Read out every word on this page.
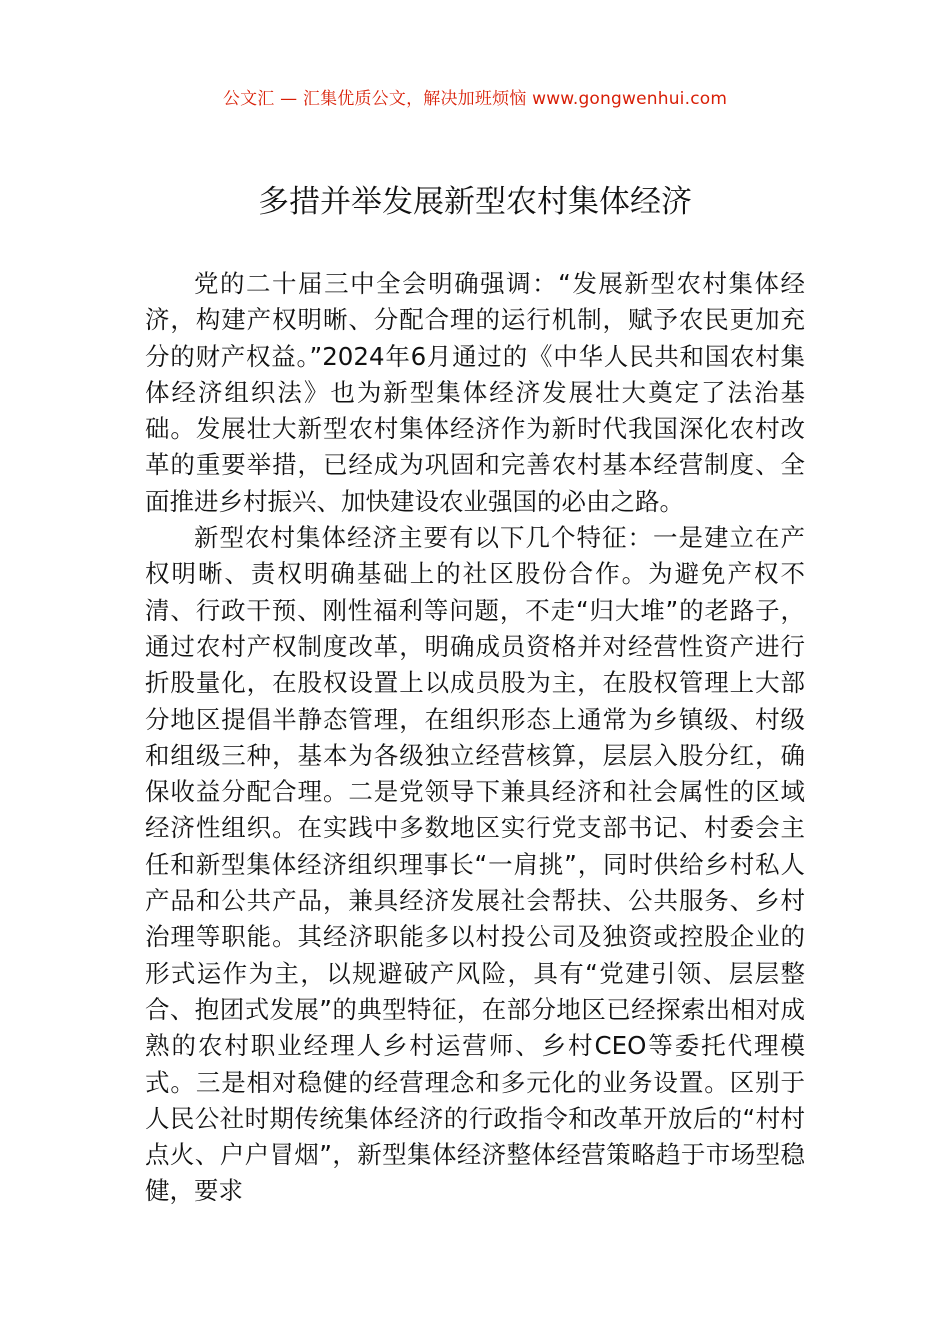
公文汇 — 汇集优质公文，解决加班烦恼 www.gongwenhui.com
多措并举发展新型农村集体经济

党的二十届三中全会明确强调：“发展新型农村集体经济，构建产权明晰、分配合理的运行机制，赋予农民更加充分的财产权益。”2024年6月通过的《中华人民共和国农村集体经济组织法》也为新型集体经济发展壮大奠定了法治基础。发展壮大新型农村集体经济作为新时代我国深化农村改革的重要举措，已经成为巩固和完善农村基本经营制度、全面推进乡村振兴、加快建设农业强国的必由之路。

新型农村集体经济主要有以下几个特征：一是建立在产权明晰、责权明确基础上的社区股份合作。为避免产权不清、行政干预、刚性福利等问题，不走“归大堆”的老路子，通过农村产权制度改革，明确成员资格并对经营性资产进行折股量化，在股权设置上以成员股为主，在股权管理上大部分地区提倡半静态管理，在组织形态上通常为乡镇级、村级和组级三种，基本为各级独立经营核算，层层入股分红，确保收益分配合理。二是党领导下兼具经济和社会属性的区域经济性组织。在实践中多数地区实行党支部书记、村委会主任和新型集体经济组织理事长“一肩挑”，同时供给乡村私人产品和公共产品，兼具经济发展社会帮扶、公共服务、乡村治理等职能。其经济职能多以村投公司及独资或控股企业的形式运作为主，以规避破产风险，具有“党建引领、层层整合、抱团式发展”的典型特征，在部分地区已经探索出相对成熟的农村职业经理人乡村运营师、乡村CEO等委托代理模式。三是相对稳健的经营理念和多元化的业务设置。区别于人民公社时期传统集体经济的行政指令和改革开放后的“村村点火、户户冒烟”，新型集体经济整体经营策略趋于市场型稳健，要求
